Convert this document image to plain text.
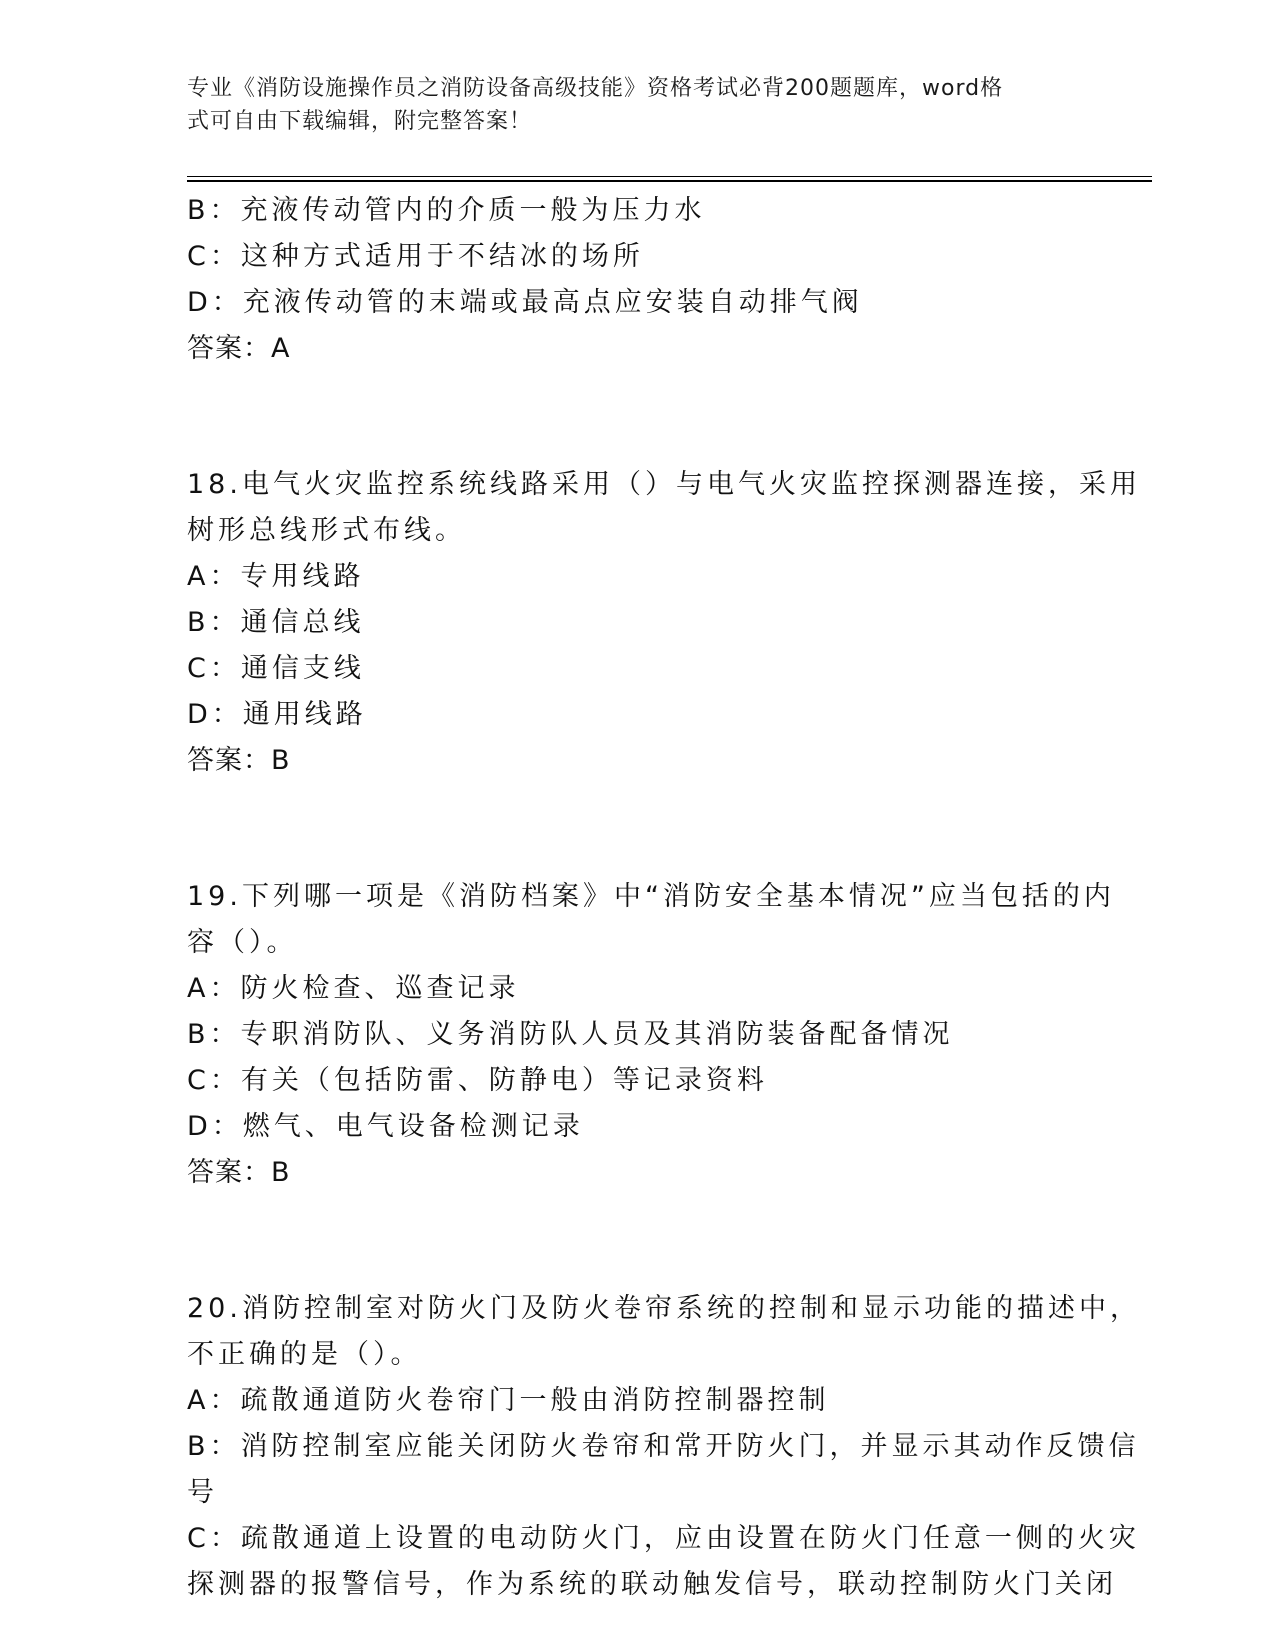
专业《消防设施操作员之消防设备高级技能》资格考试必背200题题库，word格
式可自由下载编辑，附完整答案！
B：充液传动管内的介质一般为压力水
C：这种方式适用于不结冰的场所
D：充液传动管的末端或最高点应安装自动排气阀
答案：A
18.电气火灾监控系统线路采用（）与电气火灾监控探测器连接，采用
树形总线形式布线。
A：专用线路
B：通信总线
C：通信支线
D：通用线路
答案：B
19.下列哪一项是《消防档案》中“消防安全基本情况”应当包括的内
容（）。
A：防火检查、巡查记录
B：专职消防队、义务消防队人员及其消防装备配备情况
C：有关（包括防雷、防静电）等记录资料
D：燃气、电气设备检测记录
答案：B
20.消防控制室对防火门及防火卷帘系统的控制和显示功能的描述中，
不正确的是（）。
A：疏散通道防火卷帘门一般由消防控制器控制
B：消防控制室应能关闭防火卷帘和常开防火门，并显示其动作反馈信
号
C：疏散通道上设置的电动防火门，应由设置在防火门任意一侧的火灾
探测器的报警信号，作为系统的联动触发信号，联动控制防火门关闭
